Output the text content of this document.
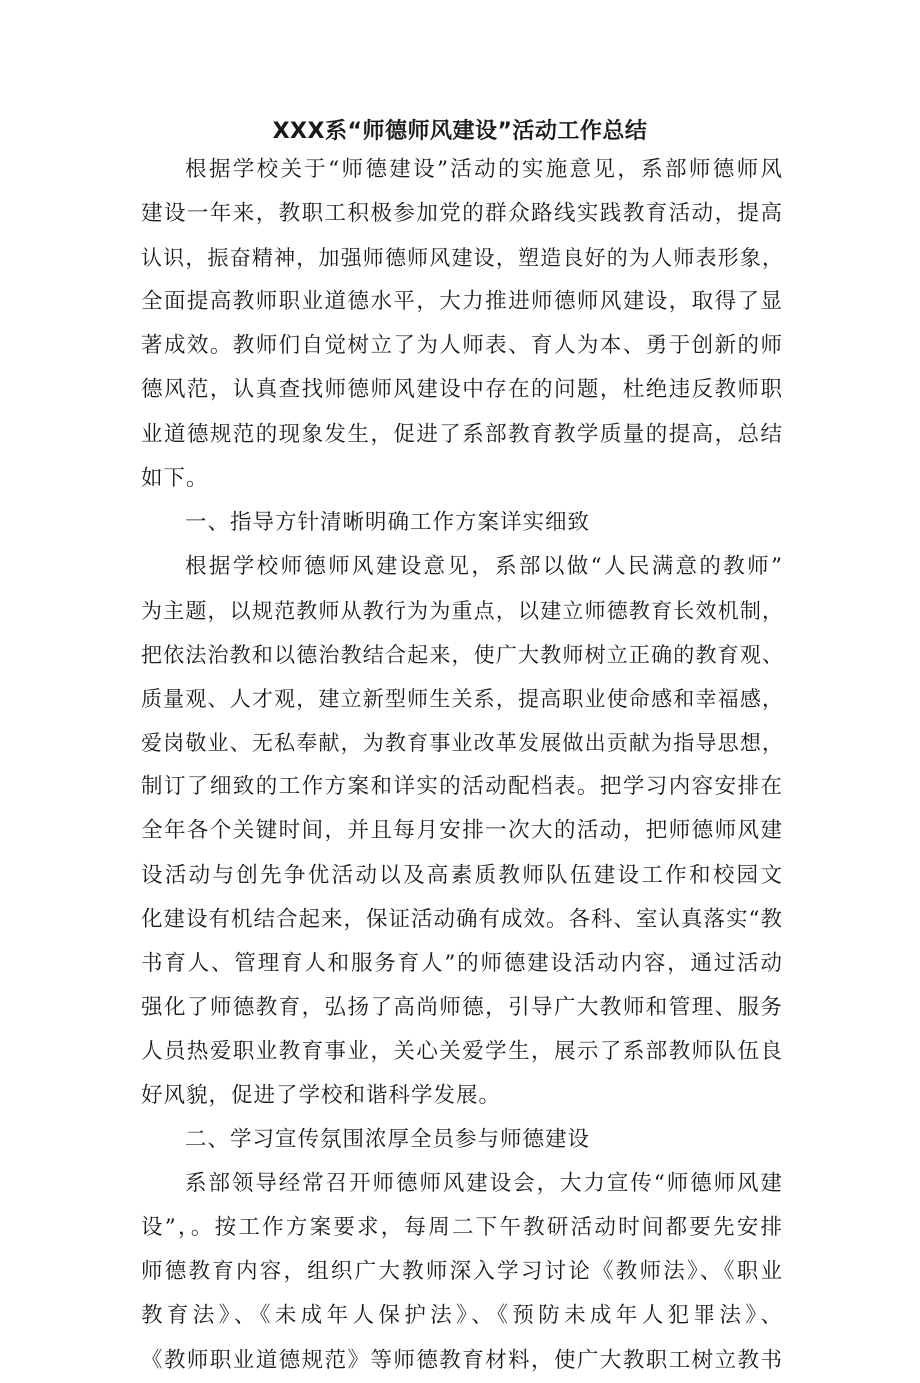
XXX系“师德师风建设”活动工作总结
根据学校关于“师德建设”活动的实施意见，系部师德师风
建设一年来，教职工积极参加党的群众路线实践教育活动，提高
认识，振奋精神，加强师德师风建设，塑造良好的为人师表形象，
全面提高教师职业道德水平，大力推进师德师风建设，取得了显
著成效。教师们自觉树立了为人师表、育人为本、勇于创新的师
德风范，认真查找师德师风建设中存在的问题，杜绝违反教师职
业道德规范的现象发生，促进了系部教育教学质量的提高，总结
如下。
一、指导方针清晰明确工作方案详实细致
根据学校师德师风建设意见，系部以做“人民满意的教师”
为主题，以规范教师从教行为为重点，以建立师德教育长效机制，
把依法治教和以德治教结合起来，使广大教师树立正确的教育观、
质量观、人才观，建立新型师生关系，提高职业使命感和幸福感，
爱岗敬业、无私奉献，为教育事业改革发展做出贡献为指导思想，
制订了细致的工作方案和详实的活动配档表。把学习内容安排在
全年各个关键时间，并且每月安排一次大的活动，把师德师风建
设活动与创先争优活动以及高素质教师队伍建设工作和校园文
化建设有机结合起来，保证活动确有成效。各科、室认真落实“教
书育人、管理育人和服务育人”的师德建设活动内容，通过活动
强化了师德教育，弘扬了高尚师德，引导广大教师和管理、服务
人员热爱职业教育事业，关心关爱学生，展示了系部教师队伍良
好风貌，促进了学校和谐科学发展。
二、学习宣传氛围浓厚全员参与师德建设
系部领导经常召开师德师风建设会，大力宣传“师德师风建
设”，。按工作方案要求，每周二下午教研活动时间都要先安排
师德教育内容，组织广大教师深入学习讨论《教师法》、《职业
教育法》、《未成年人保护法》、《预防未成年人犯罪法》、
《教师职业道德规范》等师德教育材料，使广大教职工树立教书
